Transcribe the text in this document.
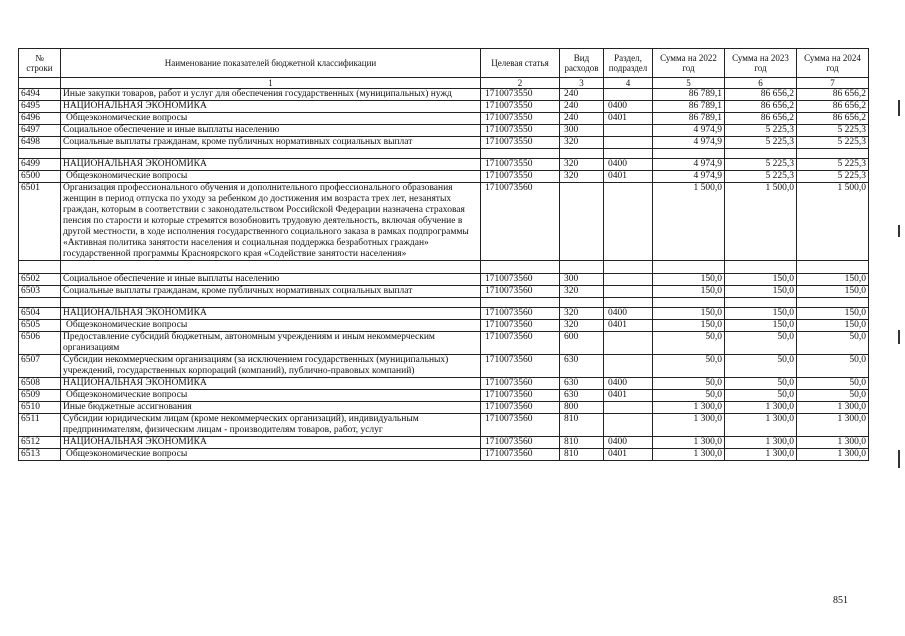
№ строки	Наименование показателей бюджетной классификации	Целевая статья	Вид расходов	Раздел, подраздел	Сумма на 2022 год	Сумма на 2023 год	Сумма на 2024 год
	1	2	3	4	5	6	7
6494	Иные закупки товаров, работ и услуг для обеспечения государственных (муниципальных) нужд	1710073550	240		86 789,1	86 656,2	86 656,2
6495	НАЦИОНАЛЬНАЯ ЭКОНОМИКА	1710073550	240	0400	86 789,1	86 656,2	86 656,2
6496	Общеэкономические вопросы	1710073550	240	0401	86 789,1	86 656,2	86 656,2
6497	Социальное обеспечение и иные выплаты населению	1710073550	300		4 974,9	5 225,3	5 225,3
6498	Социальные выплаты гражданам, кроме публичных нормативных социальных выплат	1710073550	320		4 974,9	5 225,3	5 225,3

6499	НАЦИОНАЛЬНАЯ ЭКОНОМИКА	1710073550	320	0400	4 974,9	5 225,3	5 225,3
6500	Общеэкономические вопросы	1710073550	320	0401	4 974,9	5 225,3	5 225,3
6501	Организация профессионального обучения и дополнительного профессионального образования женщин в период отпуска по уходу за ребенком до достижения им возраста трех лет, незанятых граждан, которым в соответствии с законодательством Российской Федерации назначена страховая пенсия по старости и которые стремятся возобновить трудовую деятельность, включая обучение в другой местности, в ходе исполнения государственного социального заказа в рамках подпрограммы «Активная политика занятости населения и социальная поддержка безработных граждан» государственной программы Красноярского края «Содействие занятости населения»	1710073560			1 500,0	1 500,0	1 500,0

6502	Социальное обеспечение и иные выплаты населению	1710073560	300		150,0	150,0	150,0
6503	Социальные выплаты гражданам, кроме публичных нормативных социальных выплат	1710073560	320		150,0	150,0	150,0

6504	НАЦИОНАЛЬНАЯ ЭКОНОМИКА	1710073560	320	0400	150,0	150,0	150,0
6505	Общеэкономические вопросы	1710073560	320	0401	150,0	150,0	150,0
6506	Предоставление субсидий бюджетным, автономным учреждениям и иным некоммерческим организациям	1710073560	600		50,0	50,0	50,0
6507	Субсидии некоммерческим организациям (за исключением государственных (муниципальных) учреждений, государственных корпораций (компаний), публично-правовых компаний)	1710073560	630		50,0	50,0	50,0
6508	НАЦИОНАЛЬНАЯ ЭКОНОМИКА	1710073560	630	0400	50,0	50,0	50,0
6509	Общеэкономические вопросы	1710073560	630	0401	50,0	50,0	50,0
6510	Иные бюджетные ассигнования	1710073560	800		1 300,0	1 300,0	1 300,0
6511	Субсидии юридическим лицам (кроме некоммерческих организаций), индивидуальным предпринимателям, физическим лицам - производителям товаров, работ, услуг	1710073560	810		1 300,0	1 300,0	1 300,0
6512	НАЦИОНАЛЬНАЯ ЭКОНОМИКА	1710073560	810	0400	1 300,0	1 300,0	1 300,0
6513	Общеэкономические вопросы	1710073560	810	0401	1 300,0	1 300,0	1 300,0
851
